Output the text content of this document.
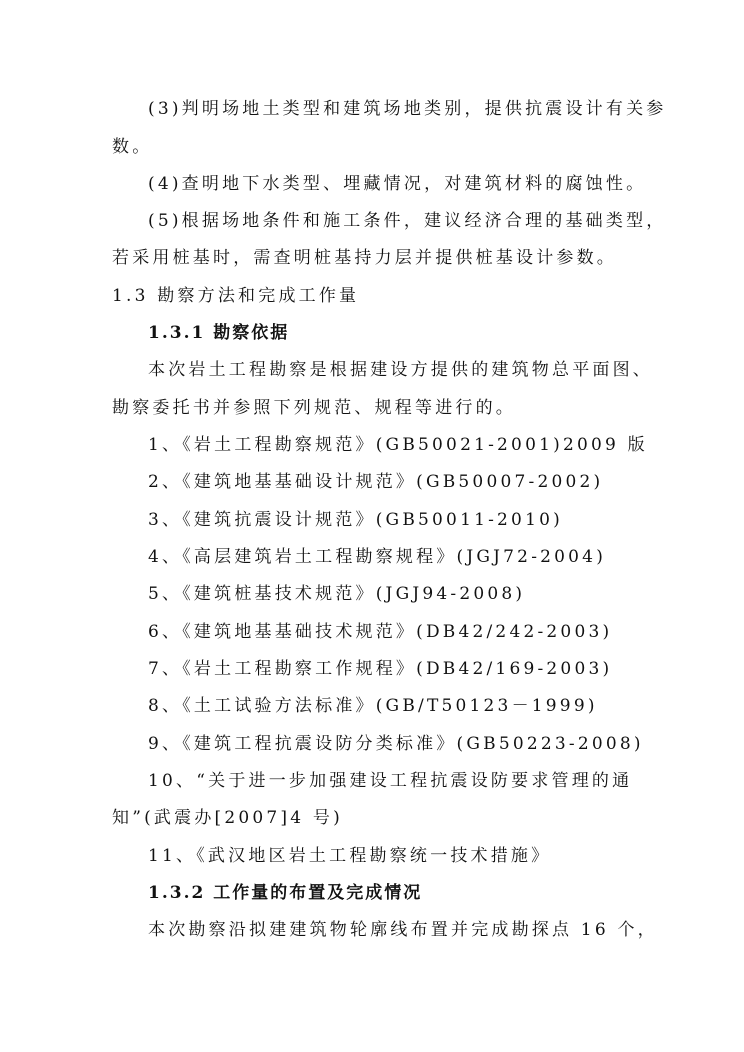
(3)判明场地土类型和建筑场地类别，提供抗震设计有关参
数。
(4)查明地下水类型、埋藏情况，对建筑材料的腐蚀性。
(5)根据场地条件和施工条件，建议经济合理的基础类型，
若采用桩基时，需查明桩基持力层并提供桩基设计参数。
1.3 勘察方法和完成工作量
1.3.1 勘察依据
本次岩土工程勘察是根据建设方提供的建筑物总平面图、
勘察委托书并参照下列规范、规程等进行的。
1、《岩土工程勘察规范》(GB50021-2001)2009 版
2、《建筑地基基础设计规范》(GB50007-2002)
3、《建筑抗震设计规范》(GB50011-2010)
4、《高层建筑岩土工程勘察规程》(JGJ72-2004)
5、《建筑桩基技术规范》(JGJ94-2008)
6、《建筑地基基础技术规范》(DB42/242-2003)
7、《岩土工程勘察工作规程》(DB42/169-2003)
8、《土工试验方法标准》(GB/T50123－1999)
9、《建筑工程抗震设防分类标准》(GB50223-2008)
10、“关于进一步加强建设工程抗震设防要求管理的通
知”(武震办[2007]4 号)
11、《武汉地区岩土工程勘察统一技术措施》
1.3.2 工作量的布置及完成情况
本次勘察沿拟建建筑物轮廓线布置并完成勘探点 16 个，
